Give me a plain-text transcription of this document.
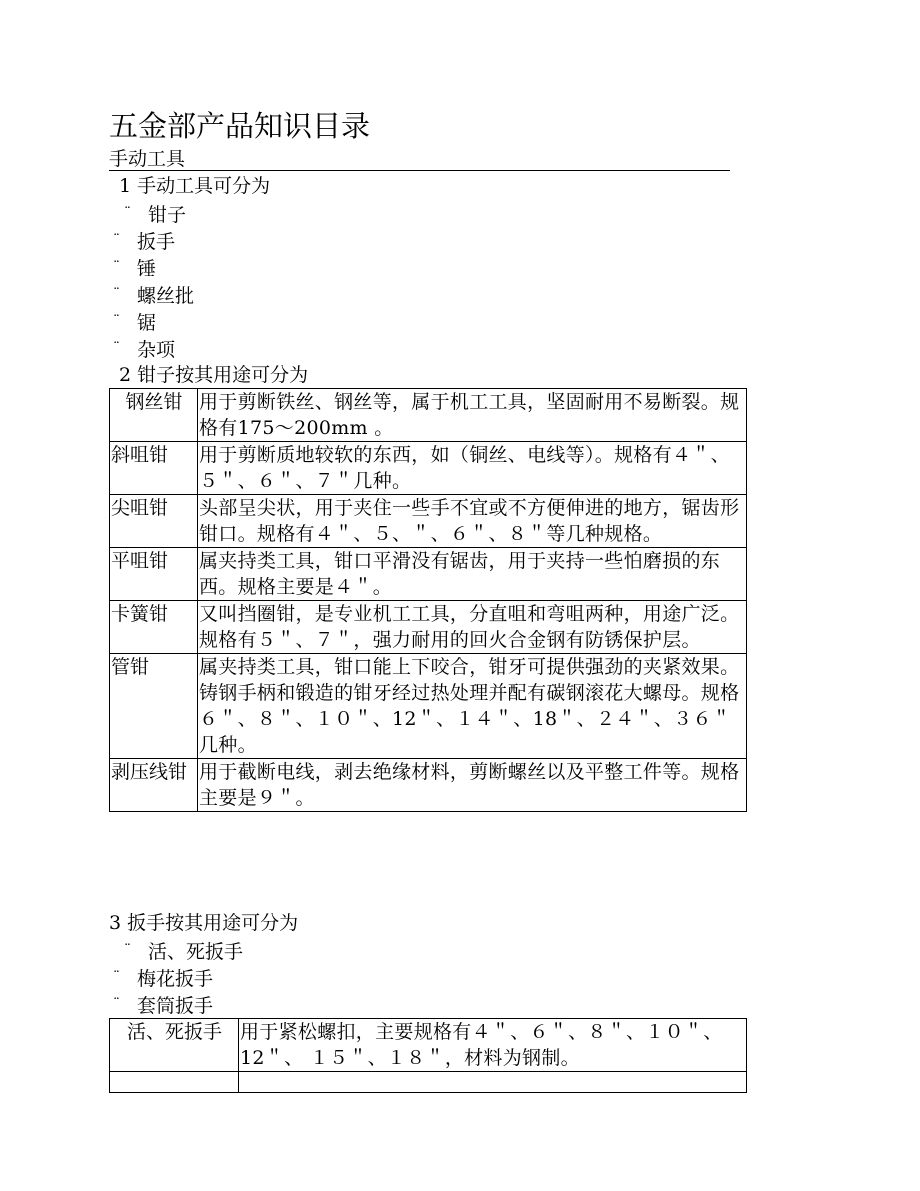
五金部产品知识目录
手动工具
1 手动工具可分为
¨ 钳子
¨ 扳手
¨ 锤
¨ 螺丝批
¨ 锯
¨ 杂项
2 钳子按其用途可分为
钢丝钳	用于剪断铁丝、钢丝等，属于机工工具，坚固耐用不易断裂。规格有175～200mm 。
斜咀钳	用于剪断质地较软的东西，如（铜丝、电线等）。规格有４＂、５＂、６＂、７＂几种。
尖咀钳	头部呈尖状，用于夹住一些手不宜或不方便伸进的地方，锯齿形钳口。规格有４＂、５、＂、６＂、８＂等几种规格。
平咀钳	属夹持类工具，钳口平滑没有锯齿，用于夹持一些怕磨损的东西。规格主要是４＂。
卡簧钳	又叫挡圈钳，是专业机工工具，分直咀和弯咀两种，用途广泛。规格有５＂、７＂，强力耐用的回火合金钢有防锈保护层。
管钳	属夹持类工具，钳口能上下咬合，钳牙可提供强劲的夹紧效果。铸钢手柄和锻造的钳牙经过热处理并配有碳钢滚花大螺母。规格６＂、８＂、１０＂、12＂、１４＂、18＂、２４＂、３６＂几种。
剥压线钳	用于截断电线，剥去绝缘材料，剪断螺丝以及平整工件等。规格主要是９＂。
3 扳手按其用途可分为
¨ 活、死扳手
¨ 梅花扳手
¨ 套筒扳手
活、死扳手	用于紧松螺扣，主要规格有４＂、６＂、８＂、１０＂、12＂、 １５＂、１８＂，材料为钢制。
